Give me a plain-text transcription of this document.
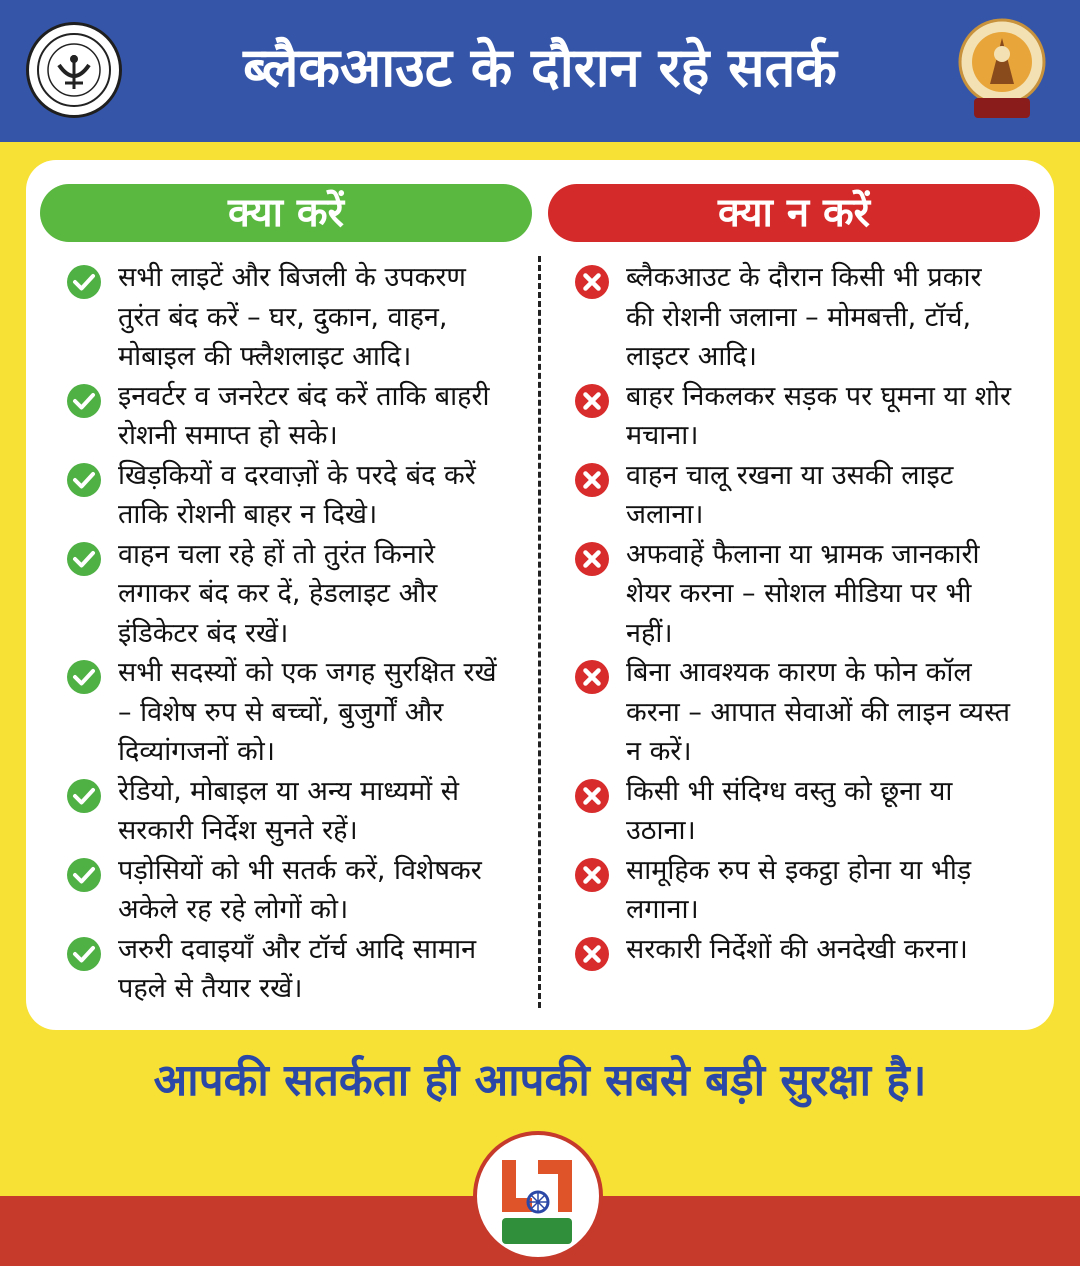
ब्लैकआउट के दौरान रहे सतर्क
क्या करें	क्या न करें
सभी लाइटें और बिजली के उपकरण तुरंत बंद करें – घर, दुकान, वाहन, मोबाइल की फ्लैशलाइट आदि।
इनवर्टर व जनरेटर बंद करें ताकि बाहरी रोशनी समाप्त हो सके।
खिड़कियों व दरवाज़ों के परदे बंद करें ताकि रोशनी बाहर न दिखे।
वाहन चला रहे हों तो तुरंत किनारे लगाकर बंद कर दें, हेडलाइट और इंडिकेटर बंद रखें।
सभी सदस्यों को एक जगह सुरक्षित रखें – विशेष रुप से बच्चों, बुजुर्गों और दिव्यांगजनों को।
रेडियो, मोबाइल या अन्य माध्यमों से सरकारी निर्देश सुनते रहें।
पड़ोसियों को भी सतर्क करें, विशेषकर अकेले रह रहे लोगों को।
जरुरी दवाइयाँ और टॉर्च आदि सामान पहले से तैयार रखें।
ब्लैकआउट के दौरान किसी भी प्रकार की रोशनी जलाना – मोमबत्ती, टॉर्च, लाइटर आदि।
बाहर निकलकर सड़क पर घूमना या शोर मचाना।
वाहन चालू रखना या उसकी लाइट जलाना।
अफवाहें फैलाना या भ्रामक जानकारी शेयर करना – सोशल मीडिया पर भी नहीं।
बिना आवश्यक कारण के फोन कॉल करना – आपात सेवाओं की लाइन व्यस्त न करें।
किसी भी संदिग्ध वस्तु को छूना या उठाना।
सामूहिक रुप से इकट्ठा होना या भीड़ लगाना।
सरकारी निर्देशों की अनदेखी करना।
आपकी सतर्कता ही आपकी सबसे बड़ी सुरक्षा है।
